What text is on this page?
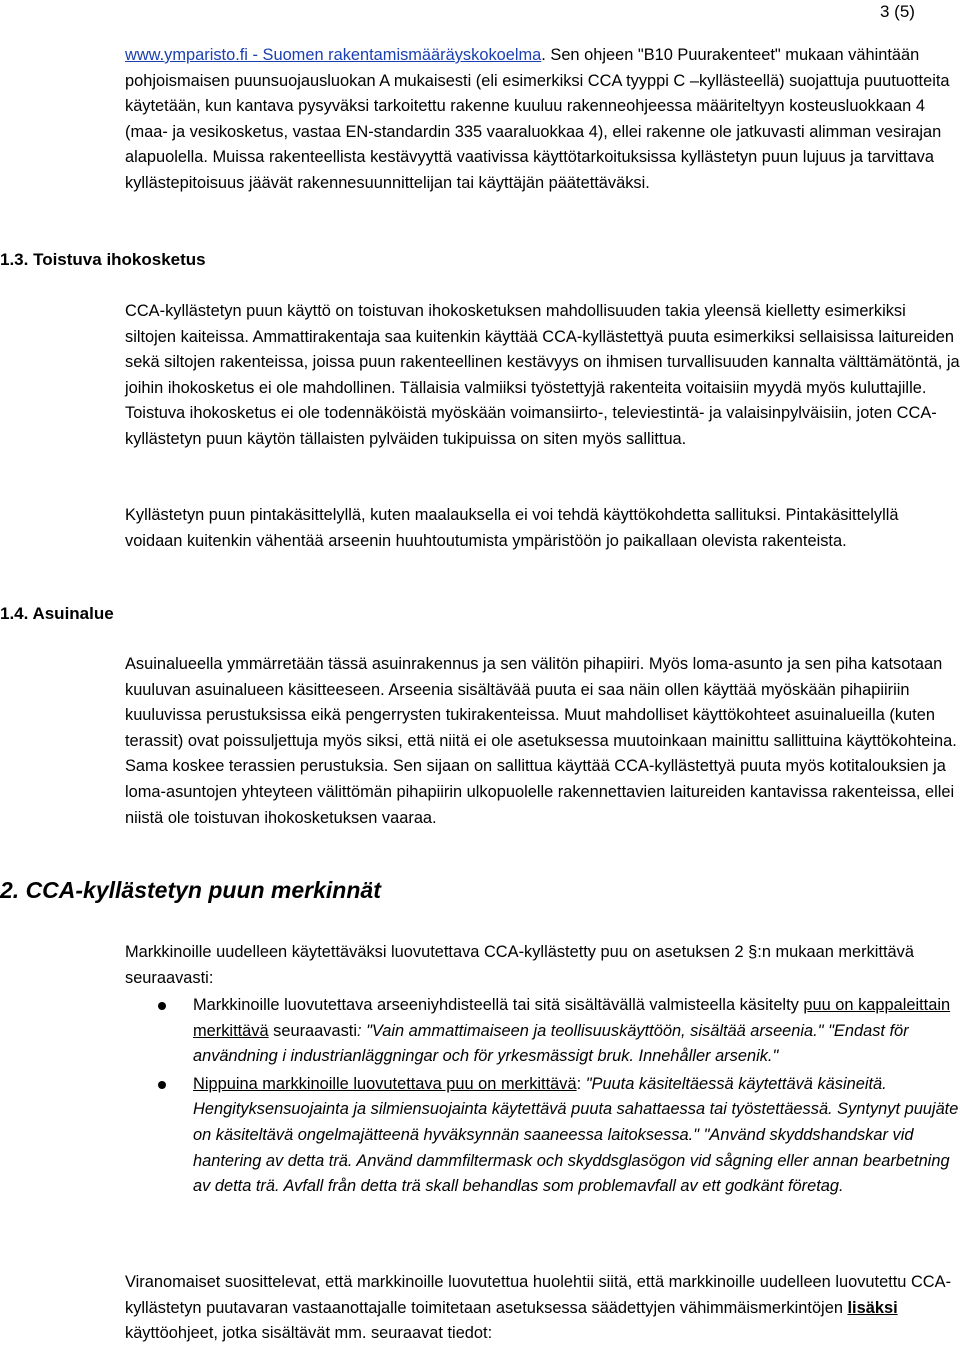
3 (5)

www.ymparisto.fi - Suomen rakentamismääräyskokoelma. Sen ohjeen "B10 Puurakenteet" mukaan vähintään pohjoismaisen puunsuojausluokan A mukaisesti (eli esimerkiksi CCA tyyppi C –kyllästeellä) suojattuja puutuotteita käytetään, kun kantava pysyväksi tarkoitettu rakenne kuuluu rakenneohjeessa määriteltyyn kosteusluokkaan 4 (maa- ja vesikosketus, vastaa EN-standardin 335 vaaraluokkaa 4), ellei rakenne ole jatkuvasti alimman vesirajan alapuolella. Muissa rakenteellista kestävyyttä vaativissa käyttötarkoituksissa kyllästetyn puun lujuus ja tarvittava kyllästepitoisuus jäävät rakennesuunnittelijan tai käyttäjän päätettäväksi.

1.3. Toistuva ihokosketus

CCA-kyllästetyn puun käyttö on toistuvan ihokosketuksen mahdollisuuden takia yleensä kielletty esimerkiksi siltojen kaiteissa. Ammattirakentaja saa kuitenkin käyttää CCA-kyllästettyä puuta esimerkiksi sellaisissa laitureiden sekä siltojen rakenteissa, joissa puun rakenteellinen kestävyys on ihmisen turvallisuuden kannalta välttämätöntä, ja joihin ihokosketus ei ole mahdollinen. Tällaisia valmiiksi työstettyjä rakenteita voitaisiin myydä myös kuluttajille. Toistuva ihokosketus ei ole todennäköistä myöskään voimansiirto-, televiestintä- ja valaisinpylväisiin, joten CCA-kyllästetyn puun käytön tällaisten pylväiden tukipuissa on siten myös sallittua.

Kyllästetyn puun pintakäsittelyllä, kuten maalauksella ei voi tehdä käyttökohdetta sallituksi. Pintakäsittelyllä voidaan kuitenkin vähentää arseenin huuhtoutumista ympäristöön jo paikallaan olevista rakenteista.

1.4. Asuinalue

Asuinalueella ymmärretään tässä asuinrakennus ja sen välitön pihapiiri. Myös loma-asunto ja sen piha katsotaan kuuluvan asuinalueen käsitteeseen. Arseenia sisältävää puuta ei saa näin ollen käyttää myöskään pihapiiriin kuuluvissa perustuksissa eikä pengerrysten tukirakenteissa. Muut mahdolliset käyttökohteet asuinalueilla (kuten terassit) ovat poissuljettuja myös siksi, että niitä ei ole asetuksessa muutoinkaan mainittu sallittuina käyttökohteina. Sama koskee terassien perustuksia. Sen sijaan on sallittua käyttää CCA-kyllästettyä puuta myös kotitalouksien ja loma-asuntojen yhteyteen välittömän pihapiirin ulkopuolelle rakennettavien laitureiden kantavissa rakenteissa, ellei niistä ole toistuvan ihokosketuksen vaaraa.

2. CCA-kyllästetyn puun merkinnät

Markkinoille uudelleen käytettäväksi luovutettava CCA-kyllästetty puu on asetuksen 2 §:n mukaan merkittävä seuraavasti:

Markkinoille luovutettava arseeniyhdisteellä tai sitä sisältävällä valmisteella käsitelty puu on kappaleittain merkittävä seuraavasti: "Vain ammattimaiseen ja teollisuuskäyttöön, sisältää arseenia." "Endast för användning i industrianläggningar och för yrkesmässigt bruk. Innehåller arsenik."
Nippuina markkinoille luovutettava puu on merkittävä: "Puuta käsiteltäessä käytettävä käsineitä. Hengityksensuojainta ja silmiensuojainta käytettävä puuta sahattaessa tai työstettäessä. Syntynyt puujäte on käsiteltävä ongelmajätteenä hyväksynnän saaneessa laitoksessa." "Använd skyddshandskar vid hantering av detta trä. Använd dammfiltermask och skyddsglasögon vid sågning eller annan bearbetning av detta trä. Avfall från detta trä skall behandlas som problemavfall av ett godkänt företag.

Viranomaiset suosittelevat, että markkinoille luovutettua huolehtii siitä, että markkinoille uudelleen luovutettu CCA-kyllästetyn puutavaran vastaanottajalle toimitetaan asetuksessa säädettyjen vähimmäismerkintöjen lisäksi käyttöohjeet, jotka sisältävät mm. seuraavat tiedot:
